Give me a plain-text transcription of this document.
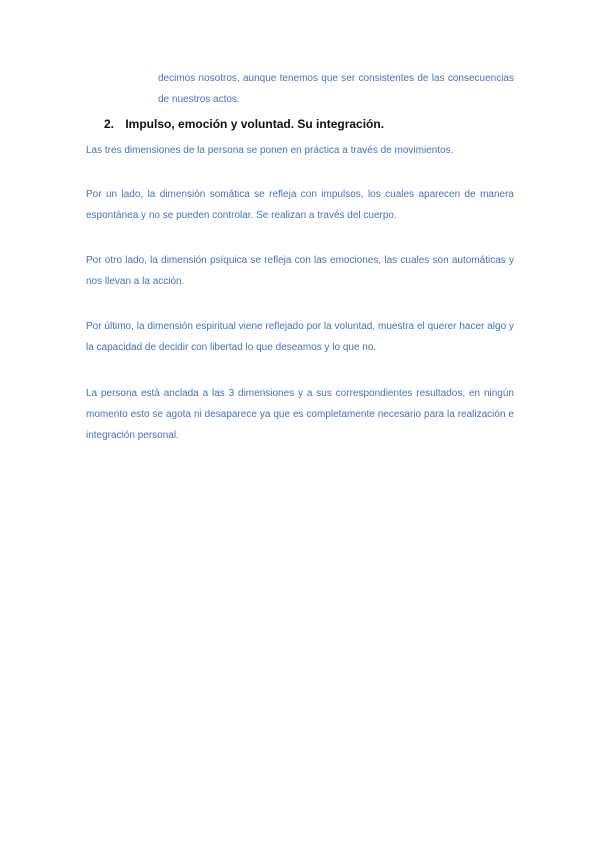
decimos nosotros, aunque tenemos que ser consistentes de las consecuencias de nuestros actos.
2. Impulso, emoción y voluntad. Su integración.

Las tres dimensiones de la persona se ponen en práctica a través de movimientos.

Por un lado, la dimensión somática se refleja con impulsos, los cuales aparecen de manera espontánea y no se pueden controlar. Se realizan a través del cuerpo.

Por otro lado, la dimensión psíquica se refleja con las emociones, las cuales son automáticas y nos llevan a la acción.

Por último, la dimensión espiritual viene reflejado por la voluntad, muestra el querer hacer algo y la capacidad de decidir con libertad lo que deseamos y lo que no.

La persona está anclada a las 3 dimensiones y a sus correspondientes resultados, en ningún momento esto se agota ni desaparece ya que es completamente necesario para la realización e integración personal.
